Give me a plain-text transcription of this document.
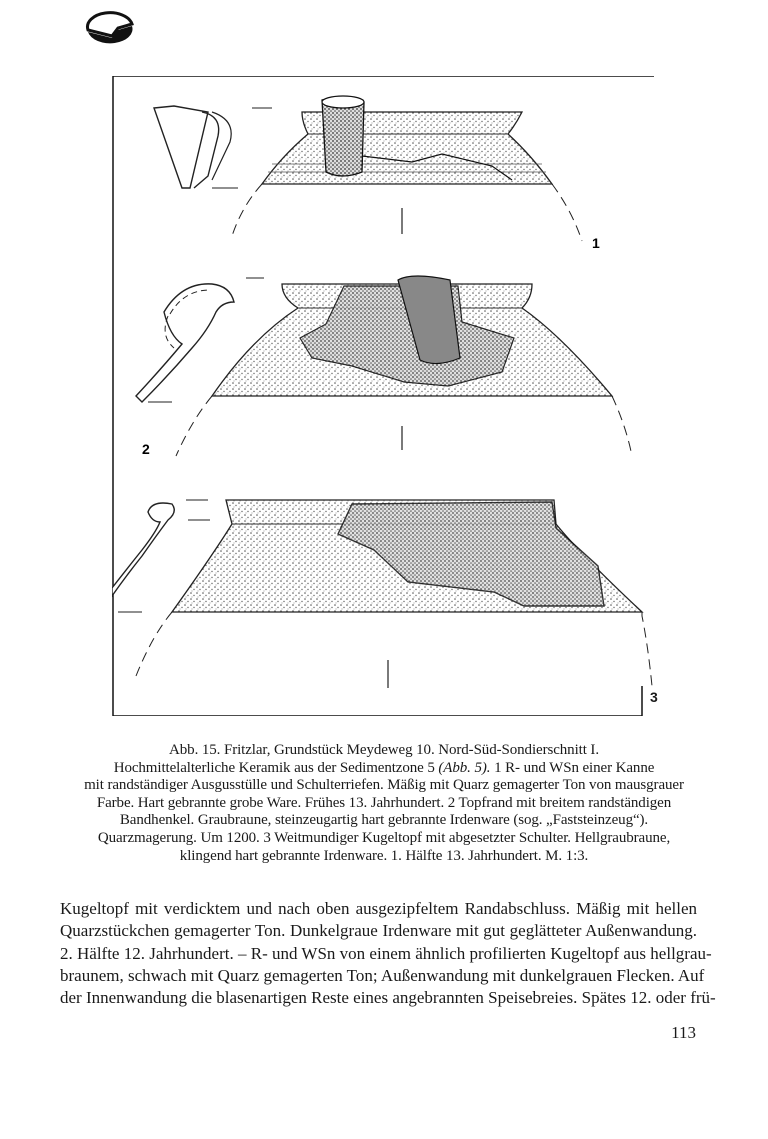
1
2
3
Abb. 15. Fritzlar, Grundstück Meydeweg 10. Nord-Süd-Sondierschnitt I.
Hochmittelalterliche Keramik aus der Sedimentzone 5 (Abb. 5). 1 R- und WSn einer Kanne
mit randständiger Ausgusstülle und Schulterriefen. Mäßig mit Quarz gemagerter Ton von mausgrauer
Farbe. Hart gebrannte grobe Ware. Frühes 13. Jahrhundert. 2 Topfrand mit breitem randständigen
Bandhenkel. Graubraune, steinzeugartig hart gebrannte Irdenware (sog. „Faststeinzeug“).
Quarzmagerung. Um 1200. 3 Weitmundiger Kugeltopf mit abgesetzter Schulter. Hellgraubraune,
klingend hart gebrannte Irdenware. 1. Hälfte 13. Jahrhundert. M. 1:3.
Kugeltopf mit verdicktem und nach oben ausgezipfeltem Randabschluss. Mäßig mit hellen
Quarzstückchen gemagerter Ton. Dunkelgraue Irdenware mit gut geglätteter Außenwandung.
2. Hälfte 12. Jahrhundert. – R- und WSn von einem ähnlich profilierten Kugeltopf aus hellgrau-
braunem, schwach mit Quarz gemagerten Ton; Außenwandung mit dunkelgrauen Flecken. Auf
der Innenwandung die blasenartigen Reste eines angebrannten Speisebreies. Spätes 12. oder frü-
113
